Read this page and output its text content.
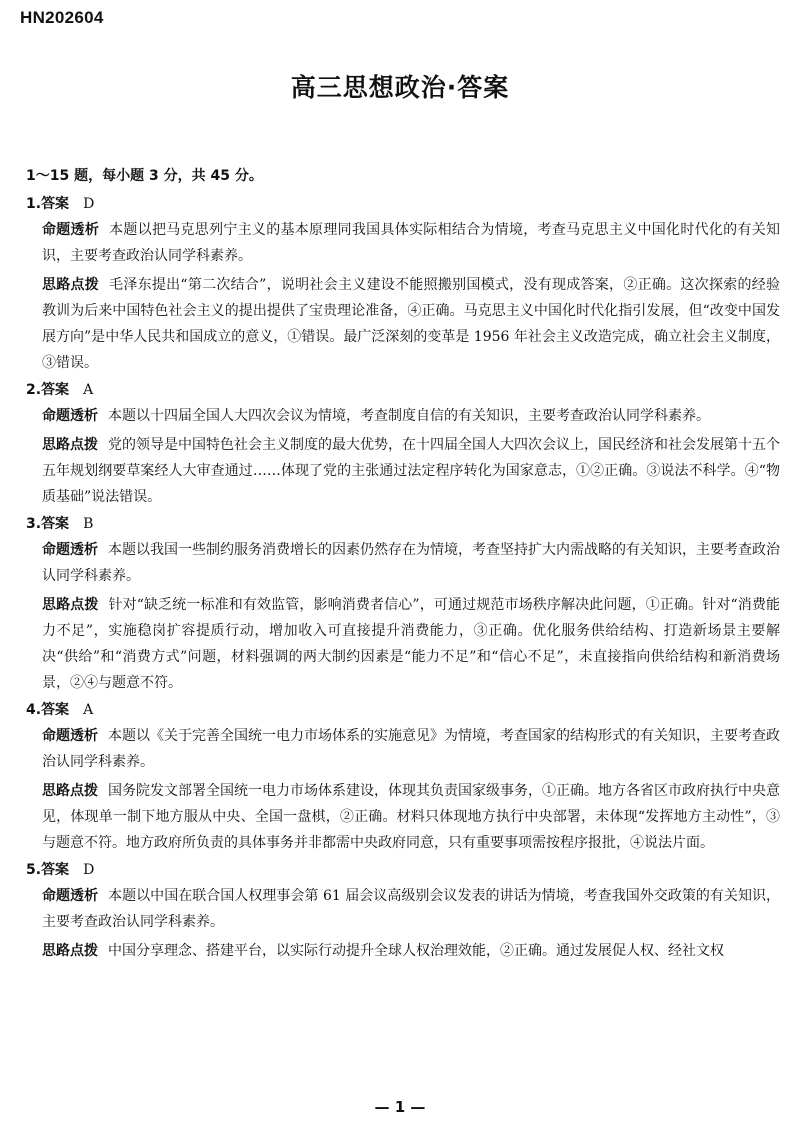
HN202604
高三思想政治·答案
1～15 题，每小题 3 分，共 45 分。
1.答案 D
命题透析 本题以把马克思列宁主义的基本原理同我国具体实际相结合为情境，考查马克思主义中国化时代化的有关知识，主要考查政治认同学科素养。
思路点拨 毛泽东提出“第二次结合”，说明社会主义建设不能照搬别国模式，没有现成答案，②正确。这次探索的经验教训为后来中国特色社会主义的提出提供了宝贵理论准备，④正确。马克思主义中国化时代化指引发展，但“改变中国发展方向”是中华人民共和国成立的意义，①错误。最广泛深刻的变革是 1956 年社会主义改造完成，确立社会主义制度，③错误。
2.答案 A
命题透析 本题以十四届全国人大四次会议为情境，考查制度自信的有关知识，主要考查政治认同学科素养。
思路点拨 党的领导是中国特色社会主义制度的最大优势，在十四届全国人大四次会议上，国民经济和社会发展第十五个五年规划纲要草案经人大审查通过……体现了党的主张通过法定程序转化为国家意志，①②正确。③说法不科学。④“物质基础”说法错误。
3.答案 B
命题透析 本题以我国一些制约服务消费增长的因素仍然存在为情境，考查坚持扩大内需战略的有关知识，主要考查政治认同学科素养。
思路点拨 针对“缺乏统一标准和有效监管，影响消费者信心”，可通过规范市场秩序解决此问题，①正确。针对“消费能力不足”，实施稳岗扩容提质行动，增加收入可直接提升消费能力，③正确。优化服务供给结构、打造新场景主要解决“供给”和“消费方式”问题，材料强调的两大制约因素是“能力不足”和“信心不足”，未直接指向供给结构和新消费场景，②④与题意不符。
4.答案 A
命题透析 本题以《关于完善全国统一电力市场体系的实施意见》为情境，考查国家的结构形式的有关知识，主要考查政治认同学科素养。
思路点拨 国务院发文部署全国统一电力市场体系建设，体现其负责国家级事务，①正确。地方各省区市政府执行中央意见，体现单一制下地方服从中央、全国一盘棋，②正确。材料只体现地方执行中央部署，未体现“发挥地方主动性”，③与题意不符。地方政府所负责的具体事务并非都需中央政府同意，只有重要事项需按程序报批，④说法片面。
5.答案 D
命题透析 本题以中国在联合国人权理事会第 61 届会议高级别会议发表的讲话为情境，考查我国外交政策的有关知识，主要考查政治认同学科素养。
思路点拨 中国分享理念、搭建平台，以实际行动提升全球人权治理效能，②正确。通过发展促人权、经社文权
— 1 —
